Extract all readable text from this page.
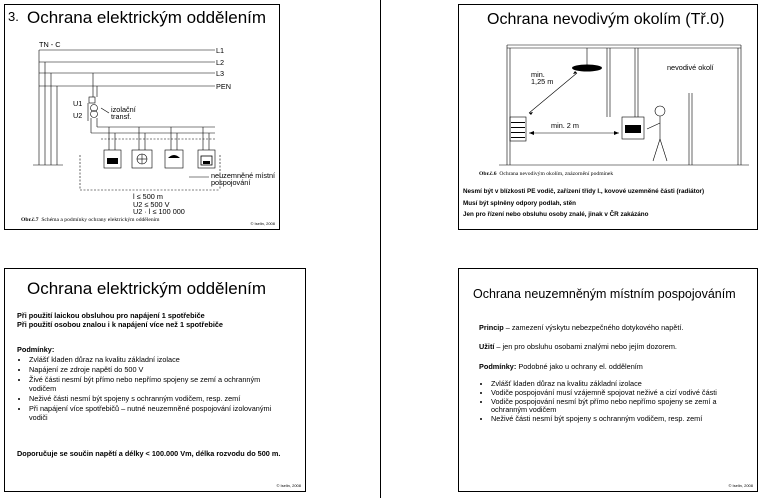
3. Ochrana elektrickým oddělením
TN - C
L1
L2
L3
PEN
U1
U2
izolační
transf.
neuzemněné místní
pospojování
l ≤ 500 m
U2 ≤ 500 V
U2 · l ≤ 100 000
Obr.č.7 Schéma a podmínky ochrany elektrickým oddělením
© Iselin, 2008
Ochrana nevodivým okolím (Tř.0)
min.
1,25 m
min. 2 m
nevodivé okolí
Obr.č.6 Ochrana nevodivým okolím, znázornění podmínek
Nesmí být v blízkosti PE vodič, zařízení třídy I., kovové uzemněné části (radiátor)
Musí být splněny odpory podlah, stěn
Jen pro řízení nebo obsluhu osoby znalé, jinak v ČR zakázáno
Ochrana elektrickým oddělením
Při použití laickou obsluhou pro napájení 1 spotřebiče
Při použití osobou znalou i k napájení více než 1 spotřebiče
Podmínky:
• Zvlášť kladen důraz na kvalitu základní izolace
• Napájení ze zdroje napětí do 500 V
• Živé části nesmí být přímo nebo nepřímo spojeny se zemí a ochranným vodičem
• Neživé části nesmí být spojeny s ochranným vodičem, resp. zemí
• Při napájení více spotřebičů – nutné neuzemněné pospojování izolovanými vodiči
Doporučuje se součin napětí a délky < 100.000 Vm, délka rozvodu do 500 m.
© Iselin, 2008
Ochrana neuzemněným místním pospojováním
Princip – zamezení výskytu nebezpečného dotykového napětí.
Užití – jen pro obsluhu osobami znalými nebo jejím dozorem.
Podmínky: Podobné jako u ochrany el. oddělením
• Zvlášť kladen důraz na kvalitu základní izolace
• Vodiče pospojování musí vzájemně spojovat neživé a cizí vodivé části
• Vodiče pospojování nesmí být přímo nebo nepřímo spojeny se zemí a ochranným vodičem
• Neživé části nesmí být spojeny s ochranným vodičem, resp. zemí
© Iselin, 2008
